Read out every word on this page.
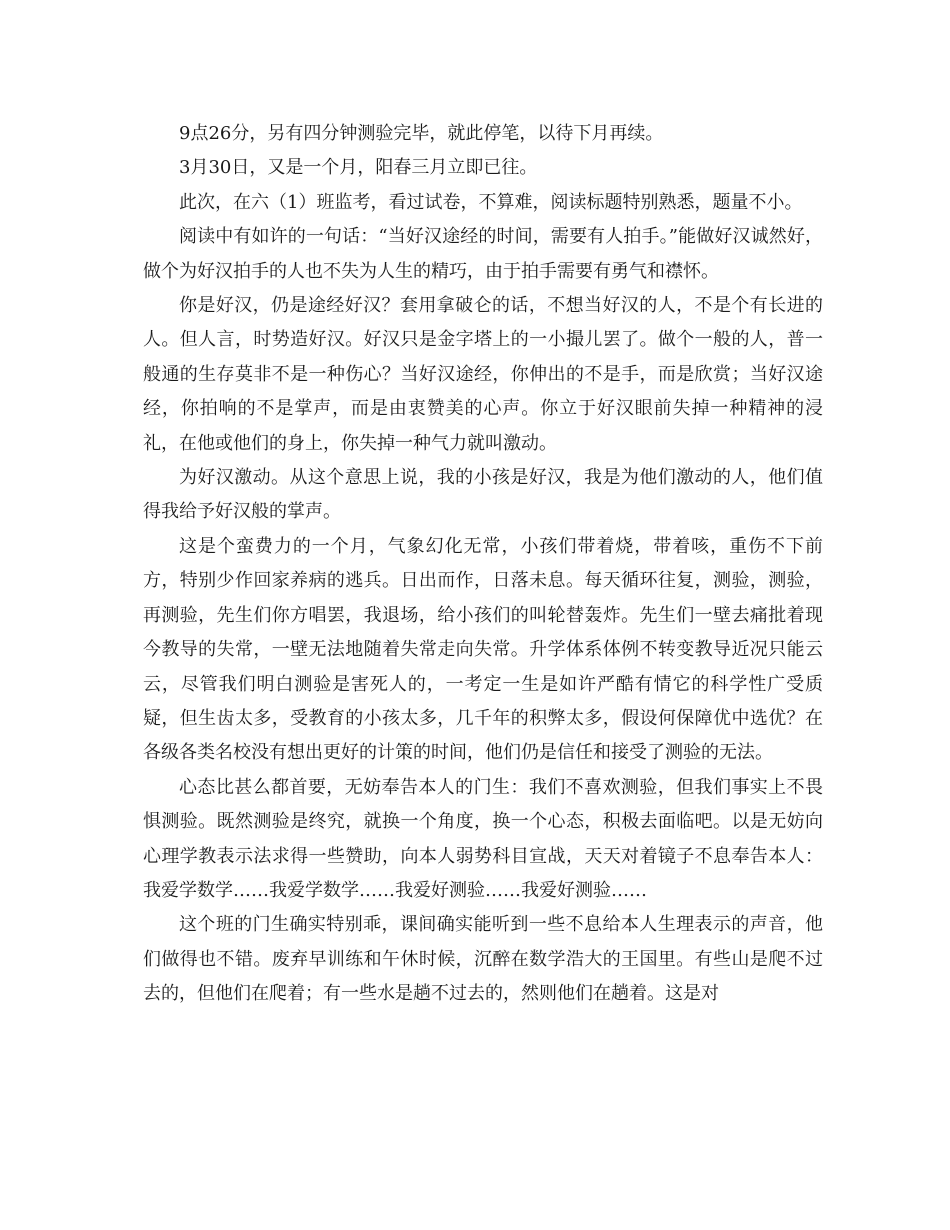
9点26分，另有四分钟测验完毕，就此停笔，以待下月再续。

3月30日，又是一个月，阳春三月立即已往。

此次，在六（1）班监考，看过试卷，不算难，阅读标题特别熟悉，题量不小。

阅读中有如许的一句话：“当好汉途经的时间，需要有人拍手。”能做好汉诚然好，做个为好汉拍手的人也不失为人生的精巧，由于拍手需要有勇气和襟怀。

你是好汉，仍是途经好汉？套用拿破仑的话，不想当好汉的人，不是个有长进的人。但人言，时势造好汉。好汉只是金字塔上的一小撮儿罢了。做个一般的人，普一般通的生存莫非不是一种伤心？当好汉途经，你伸出的不是手，而是欣赏；当好汉途经，你拍响的不是掌声，而是由衷赞美的心声。你立于好汉眼前失掉一种精神的浸礼，在他或他们的身上，你失掉一种气力就叫激动。

为好汉激动。从这个意思上说，我的小孩是好汉，我是为他们激动的人，他们值得我给予好汉般的掌声。

这是个蛮费力的一个月，气象幻化无常，小孩们带着烧，带着咳，重伤不下前方，特别少作回家养病的逃兵。日出而作，日落未息。每天循环往复，测验，测验，再测验，先生们你方唱罢，我退场，给小孩们的叫轮替轰炸。先生们一壁去痛批着现今教导的失常，一壁无法地随着失常走向失常。升学体系体例不转变教导近况只能云云，尽管我们明白测验是害死人的，一考定一生是如许严酷有情它的科学性广受质疑，但生齿太多，受教育的小孩太多，几千年的积弊太多，假设何保障优中选优？在各级各类名校没有想出更好的计策的时间，他们仍是信任和接受了测验的无法。

心态比甚么都首要，无妨奉告本人的门生：我们不喜欢测验，但我们事实上不畏惧测验。既然测验是终究，就换一个角度，换一个心态，积极去面临吧。以是无妨向心理学教表示法求得一些赞助，向本人弱势科目宣战，天天对着镜子不息奉告本人：我爱学数学……我爱学数学……我爱好测验……我爱好测验……

这个班的门生确实特别乖，课间确实能听到一些不息给本人生理表示的声音，他们做得也不错。废弃早训练和午休时候，沉醉在数学浩大的王国里。有些山是爬不过去的，但他们在爬着；有一些水是趟不过去的，然则他们在趟着。这是对
